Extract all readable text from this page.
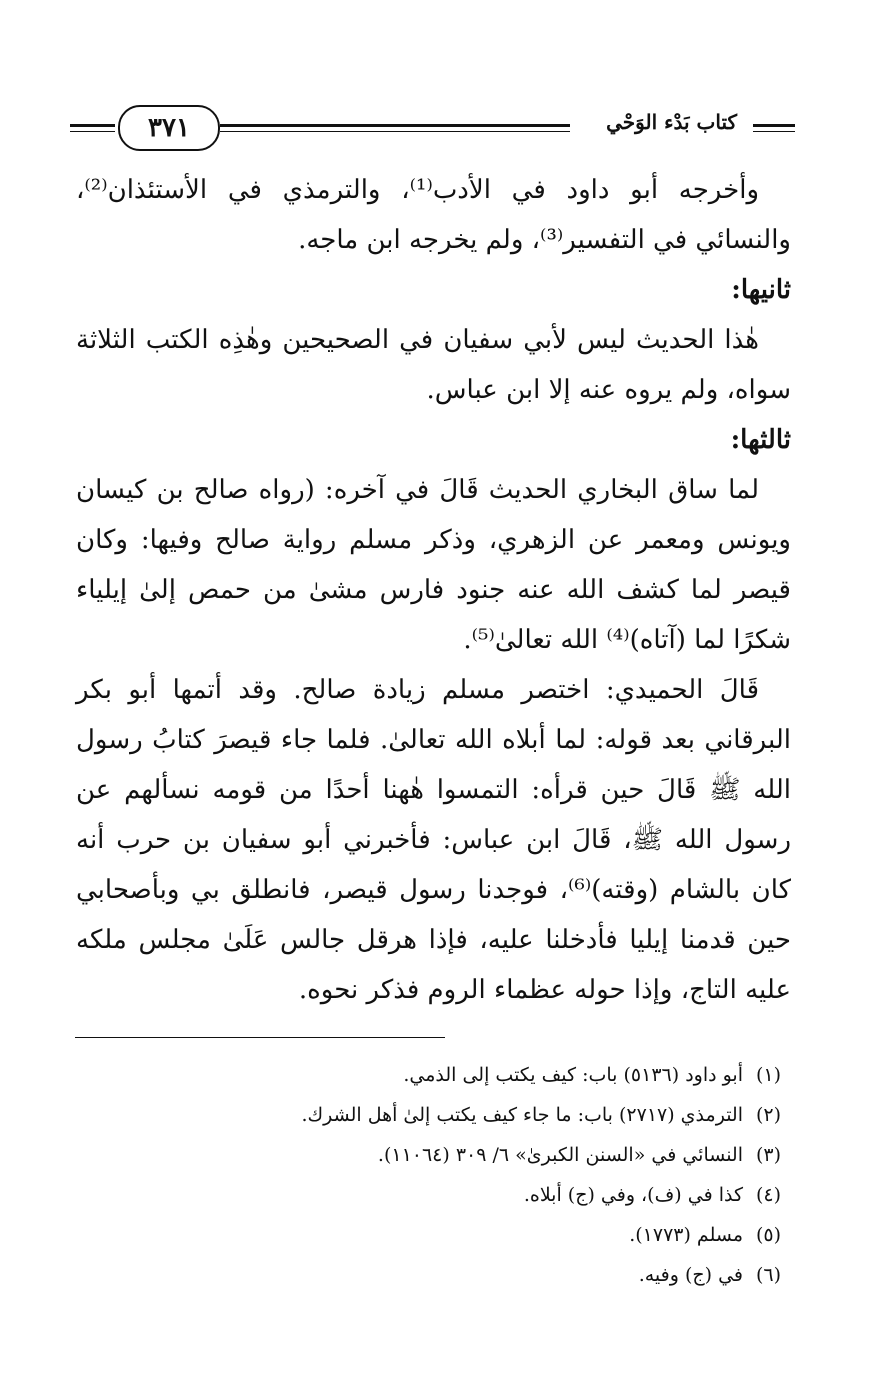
٣٧١	كتاب بَدْء الوَحْي

وأخرجه أبو داود في الأدب⁽¹⁾، والترمذي في الأستئذان⁽²⁾، والنسائي في التفسير⁽³⁾، ولم يخرجه ابن ماجه.

ثانيها:

هٰذا الحديث ليس لأبي سفيان في الصحيحين وهٰذِه الكتب الثلاثة سواه، ولم يروه عنه إلا ابن عباس.

ثالثها:

لما ساق البخاري الحديث قَالَ في آخره: (رواه صالح بن كيسان ويونس ومعمر عن الزهري، وذكر مسلم رواية صالح وفيها: وكان قيصر لما كشف الله عنه جنود فارس مشىٰ من حمص إلىٰ إيلياء شكرًا لما (آتاه)⁽⁴⁾ الله تعالىٰ⁽⁵⁾.

قَالَ الحميدي: اختصر مسلم زيادة صالح. وقد أتمها أبو بكر البرقاني بعد قوله: لما أبلاه الله تعالىٰ. فلما جاء قيصرَ كتابُ رسول الله ﷺ قَالَ حين قرأه: التمسوا هٰهنا أحدًا من قومه نسألهم عن رسول الله ﷺ، قَالَ ابن عباس: فأخبرني أبو سفيان بن حرب أنه كان بالشام (وقته)⁽⁶⁾، فوجدنا رسول قيصر، فانطلق بي وبأصحابي حين قدمنا إيليا فأدخلنا عليه، فإذا هرقل جالس عَلَىٰ مجلس ملكه عليه التاج، وإذا حوله عظماء الروم فذكر نحوه.

(١)أبو داود (٥١٣٦) باب: كيف يكتب إلى الذمي.
(٢)الترمذي (٢٧١٧) باب: ما جاء كيف يكتب إلىٰ أهل الشرك.
(٣)النسائي في «السنن الكبرىٰ» ٦/ ٣٠٩ (١١٠٦٤).
(٤)كذا في (ف)، وفي (ج) أبلاه.
(٥)مسلم (١٧٧٣).
(٦)في (ج) وفيه.
